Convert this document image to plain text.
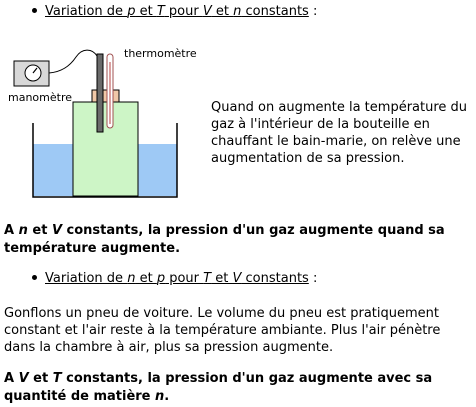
Variation de p et T pour V et n constants :
manomètre
thermomètre
Quand on augmente la température du
gaz à l'intérieur de la bouteille en
chauffant le bain-marie, on relève une
augmentation de sa pression.
A n et V constants, la pression d'un gaz augmente quand sa
température augmente.
Variation de n et p pour T et V constants :
Gonflons un pneu de voiture. Le volume du pneu est pratiquement
constant et l'air reste à la température ambiante. Plus l'air pénètre
dans la chambre à air, plus sa pression augmente.
A V et T constants, la pression d'un gaz augmente avec sa
quantité de matière n.
